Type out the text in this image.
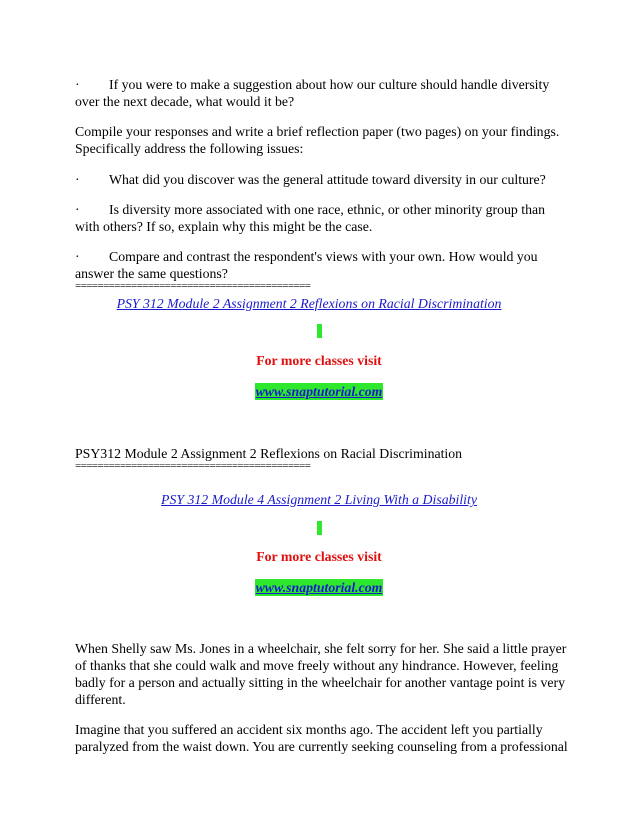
· If you were to make a suggestion about how our culture should handle diversity
over the next decade, what would it be?
Compile your responses and write a brief reflection paper (two pages) on your findings.
Specifically address the following issues:
· What did you discover was the general attitude toward diversity in our culture?
· Is diversity more associated with one race, ethnic, or other minority group than
with others? If so, explain why this might be the case.
· Compare and contrast the respondent's views with your own. How would you
answer the same questions?
==========================================
PSY 312 Module 2 Assignment 2 Reflexions on Racial Discrimination
For more classes visit
www.snaptutorial.com
PSY312 Module 2 Assignment 2 Reflexions on Racial Discrimination
==========================================
PSY 312 Module 4 Assignment 2 Living With a Disability
For more classes visit
www.snaptutorial.com
When Shelly saw Ms. Jones in a wheelchair, she felt sorry for her. She said a little prayer
of thanks that she could walk and move freely without any hindrance. However, feeling
badly for a person and actually sitting in the wheelchair for another vantage point is very
different.
Imagine that you suffered an accident six months ago. The accident left you partially
paralyzed from the waist down. You are currently seeking counseling from a professional
